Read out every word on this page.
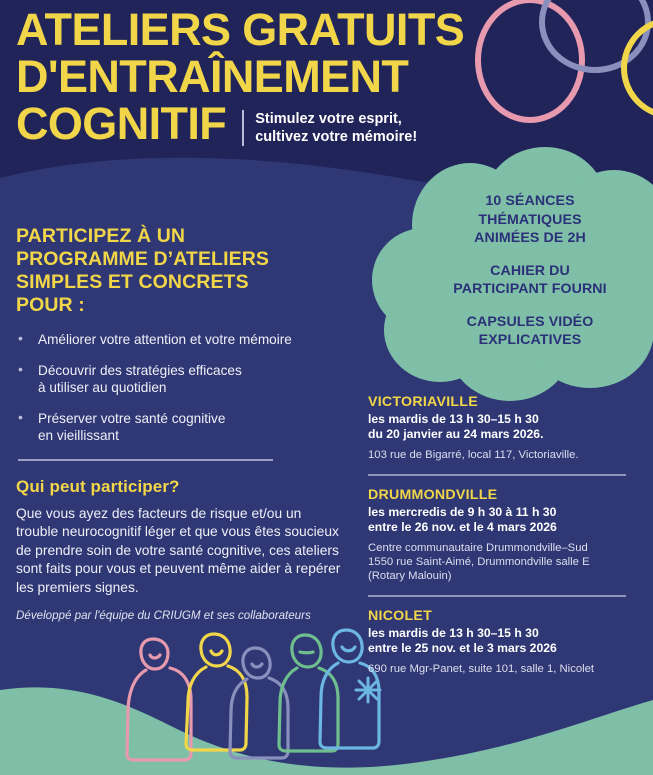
ATELIERS GRATUITS
D'ENTRAÎNEMENT
COGNITIF Stimulez votre esprit,
cultivez votre mémoire!
10 SÉANCES
THÉMATIQUES
ANIMÉES DE 2H
CAHIER DU
PARTICIPANT FOURNI
CAPSULES VIDÉO
EXPLICATIVES
PARTICIPEZ À UN
PROGRAMME D’ATELIERS
SIMPLES ET CONCRETS
POUR :
• Améliorer votre attention et votre mémoire
• Découvrir des stratégies efficaces
à utiliser au quotidien
• Préserver votre santé cognitive
en vieillissant
Qui peut participer?
Que vous ayez des facteurs de risque et/ou un trouble neurocognitif léger et que vous êtes soucieux de prendre soin de votre santé cognitive, ces ateliers sont faits pour vous et peuvent même aider à repérer les premiers signes.
Développé par l'équipe du CRIUGM et ses collaborateurs
VICTORIAVILLE
les mardis de 13 h 30–15 h 30
du 20 janvier au 24 mars 2026.
103 rue de Bigarré, local 117, Victoriaville.
DRUMMONDVILLE
les mercredis de 9 h 30 à 11 h 30
entre le 26 nov. et le 4 mars 2026
Centre communautaire Drummondville–Sud
1550 rue Saint-Aimé, Drummondville salle E
(Rotary Malouin)
NICOLET
les mardis de 13 h 30–15 h 30
entre le 25 nov. et le 3 mars 2026
690 rue Mgr-Panet, suite 101, salle 1, Nicolet
